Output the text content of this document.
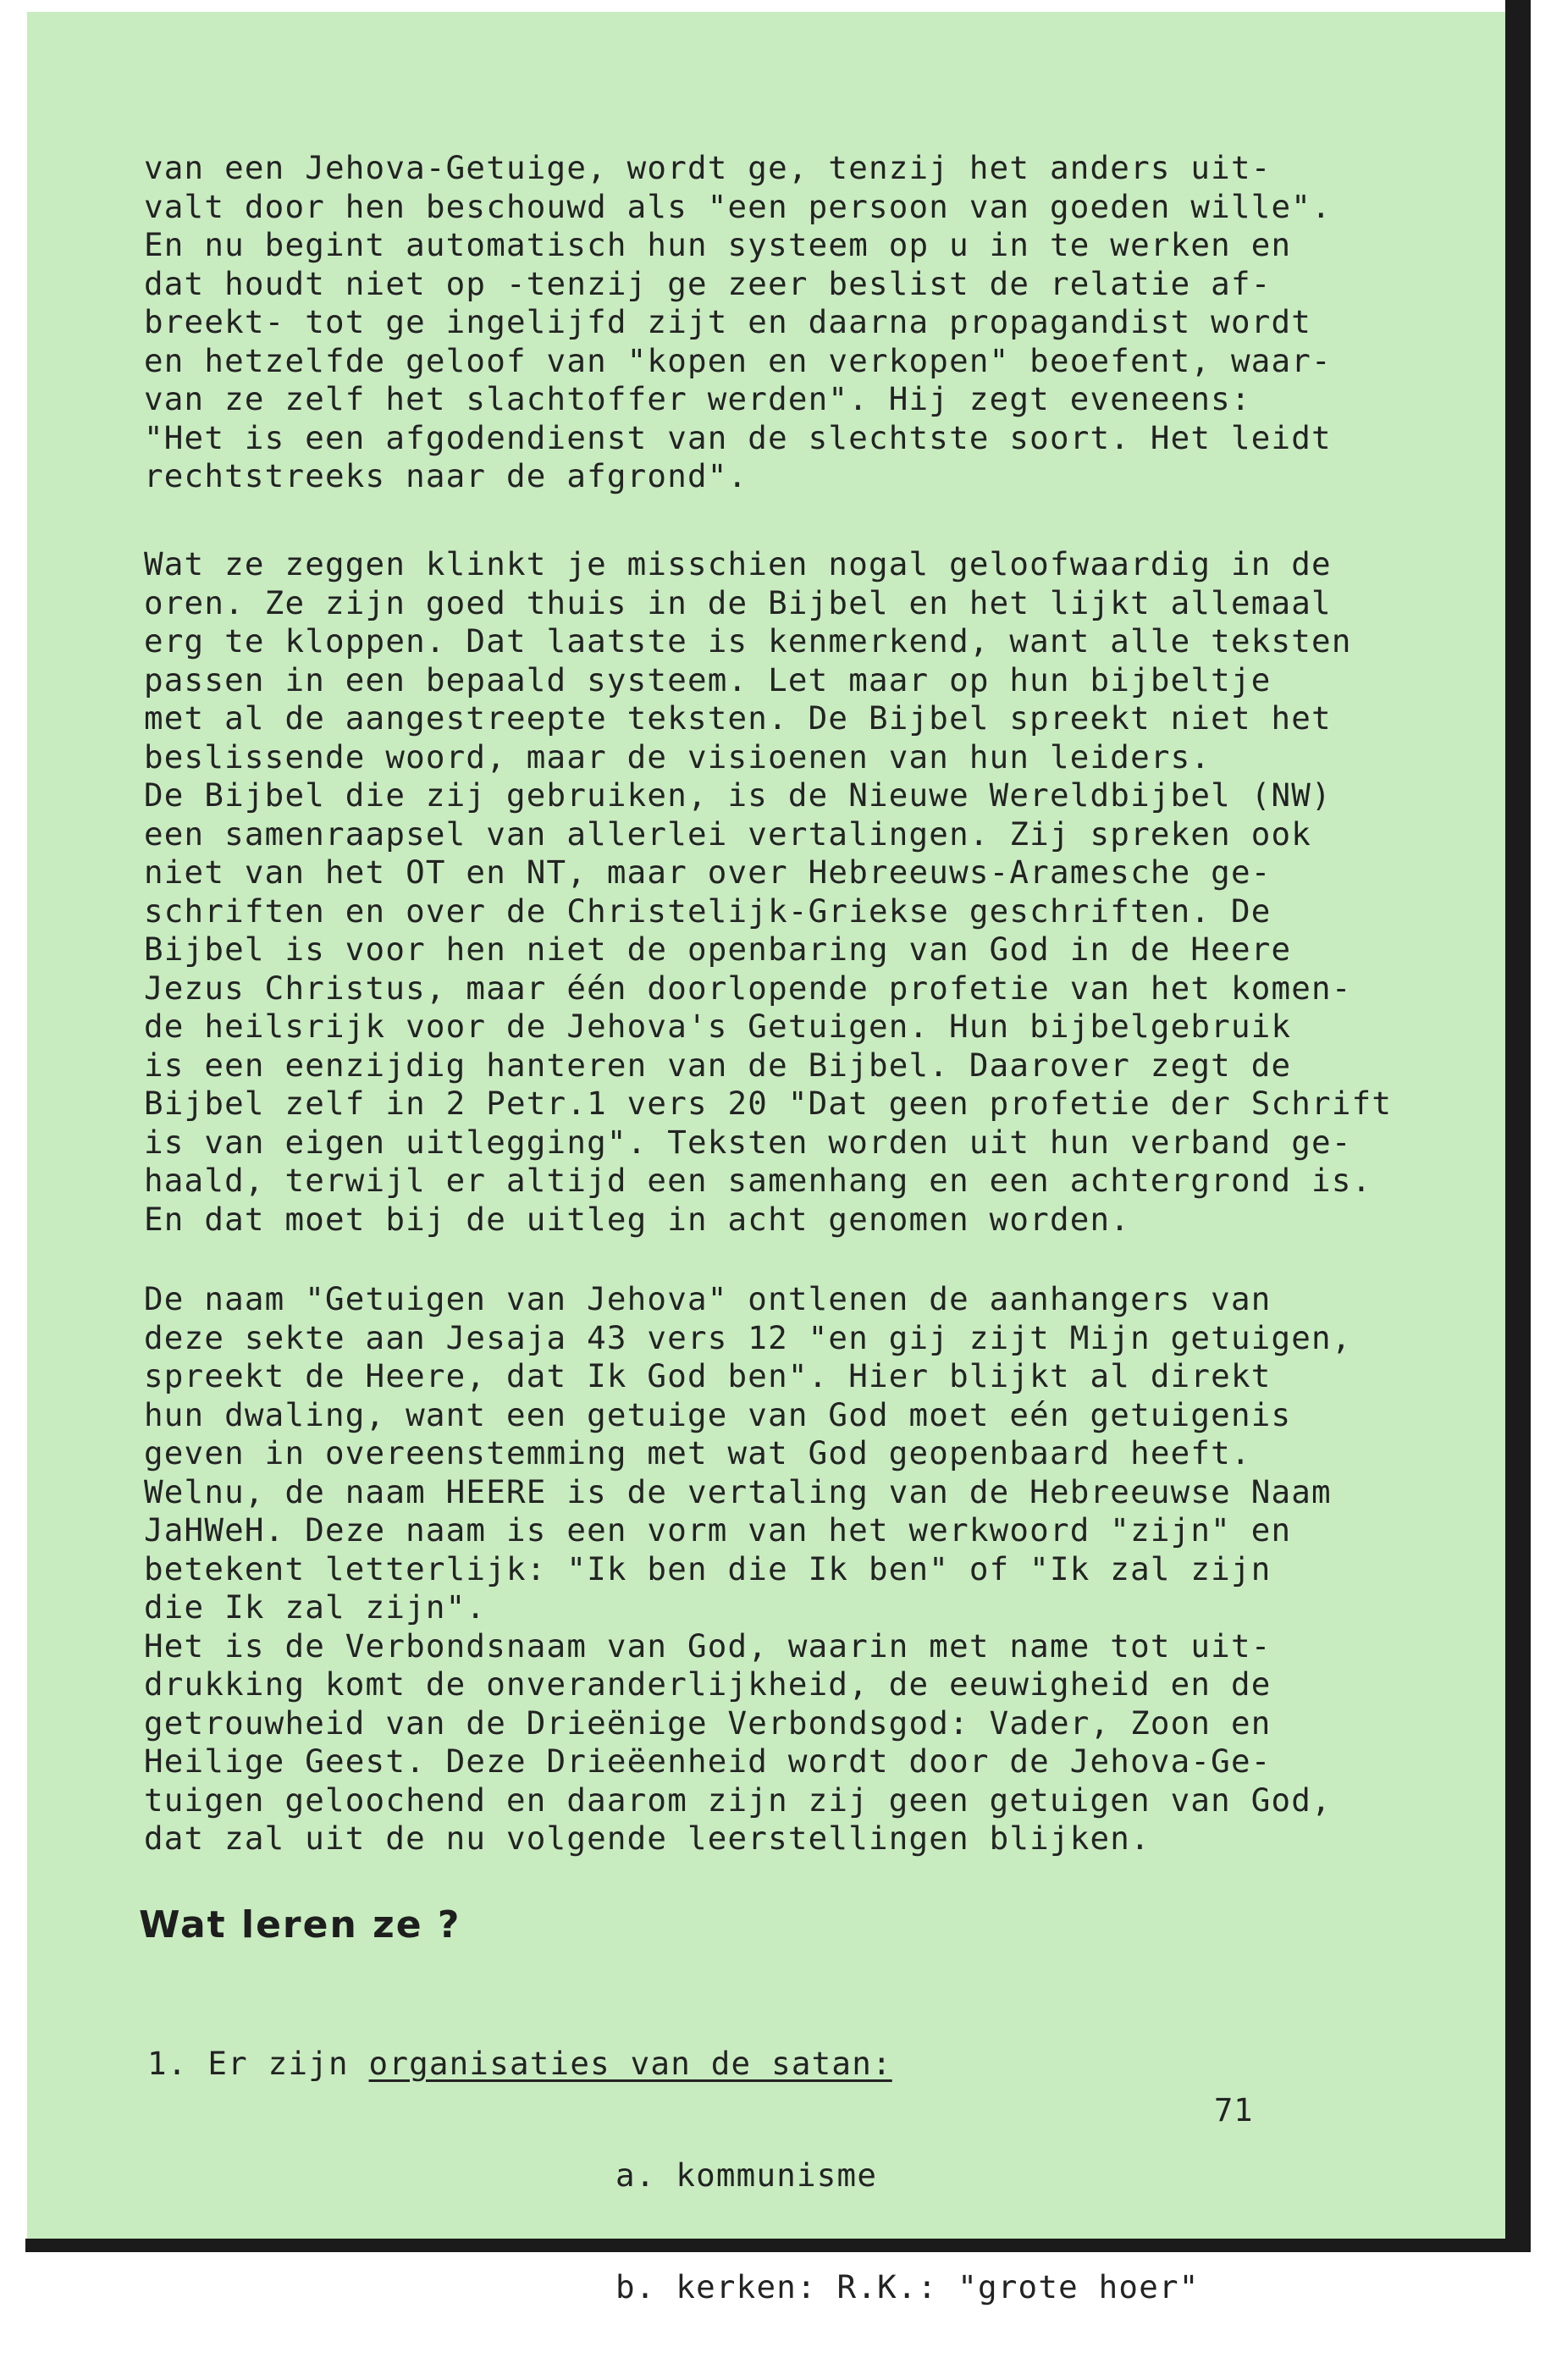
van een Jehova-Getuige, wordt ge, tenzij het anders uit-
valt door hen beschouwd als "een persoon van goeden wille".
En nu begint automatisch hun systeem op u in te werken en
dat houdt niet op -tenzij ge zeer beslist de relatie af-
breekt- tot ge ingelijfd zijt en daarna propagandist wordt
en hetzelfde geloof van "kopen en verkopen" beoefent, waar-
van ze zelf het slachtoffer werden". Hij zegt eveneens:
"Het is een afgodendienst van de slechtste soort. Het leidt
rechtstreeks naar de afgrond".
Wat ze zeggen klinkt je misschien nogal geloofwaardig in de
oren. Ze zijn goed thuis in de Bijbel en het lijkt allemaal
erg te kloppen. Dat laatste is kenmerkend, want alle teksten
passen in een bepaald systeem. Let maar op hun bijbeltje
met al de aangestreepte teksten. De Bijbel spreekt niet het
beslissende woord, maar de visioenen van hun leiders.
De Bijbel die zij gebruiken, is de Nieuwe Wereldbijbel (NW)
een samenraapsel van allerlei vertalingen. Zij spreken ook
niet van het OT en NT, maar over Hebreeuws-Aramesche ge-
schriften en over de Christelijk-Griekse geschriften. De
Bijbel is voor hen niet de openbaring van God in de Heere
Jezus Christus, maar één doorlopende profetie van het komen-
de heilsrijk voor de Jehova's Getuigen. Hun bijbelgebruik
is een eenzijdig hanteren van de Bijbel. Daarover zegt de
Bijbel zelf in 2 Petr.1 vers 20 "Dat geen profetie der Schrift
is van eigen uitlegging". Teksten worden uit hun verband ge-
haald, terwijl er altijd een samenhang en een achtergrond is.
En dat moet bij de uitleg in acht genomen worden.
De naam "Getuigen van Jehova" ontlenen de aanhangers van
deze sekte aan Jesaja 43 vers 12 "en gij zijt Mijn getuigen,
spreekt de Heere, dat Ik God ben". Hier blijkt al direkt
hun dwaling, want een getuige van God moet eén getuigenis
geven in overeenstemming met wat God geopenbaard heeft.
Welnu, de naam HEERE is de vertaling van de Hebreeuwse Naam
JaHWeH. Deze naam is een vorm van het werkwoord "zijn" en
betekent letterlijk: "Ik ben die Ik ben" of "Ik zal zijn
die Ik zal zijn".
Het is de Verbondsnaam van God, waarin met name tot uit-
drukking komt de onveranderlijkheid, de eeuwigheid en de
getrouwheid van de Drieënige Verbondsgod: Vader, Zoon en
Heilige Geest. Deze Drieëenheid wordt door de Jehova-Ge-
tuigen geloochend en daarom zijn zij geen getuigen van God,
dat zal uit de nu volgende leerstellingen blijken.
Wat leren ze ?

1. Er zijn organisaties van de satan:

a. kommunisme

b. kerken: R.K.: "grote hoer"

71
